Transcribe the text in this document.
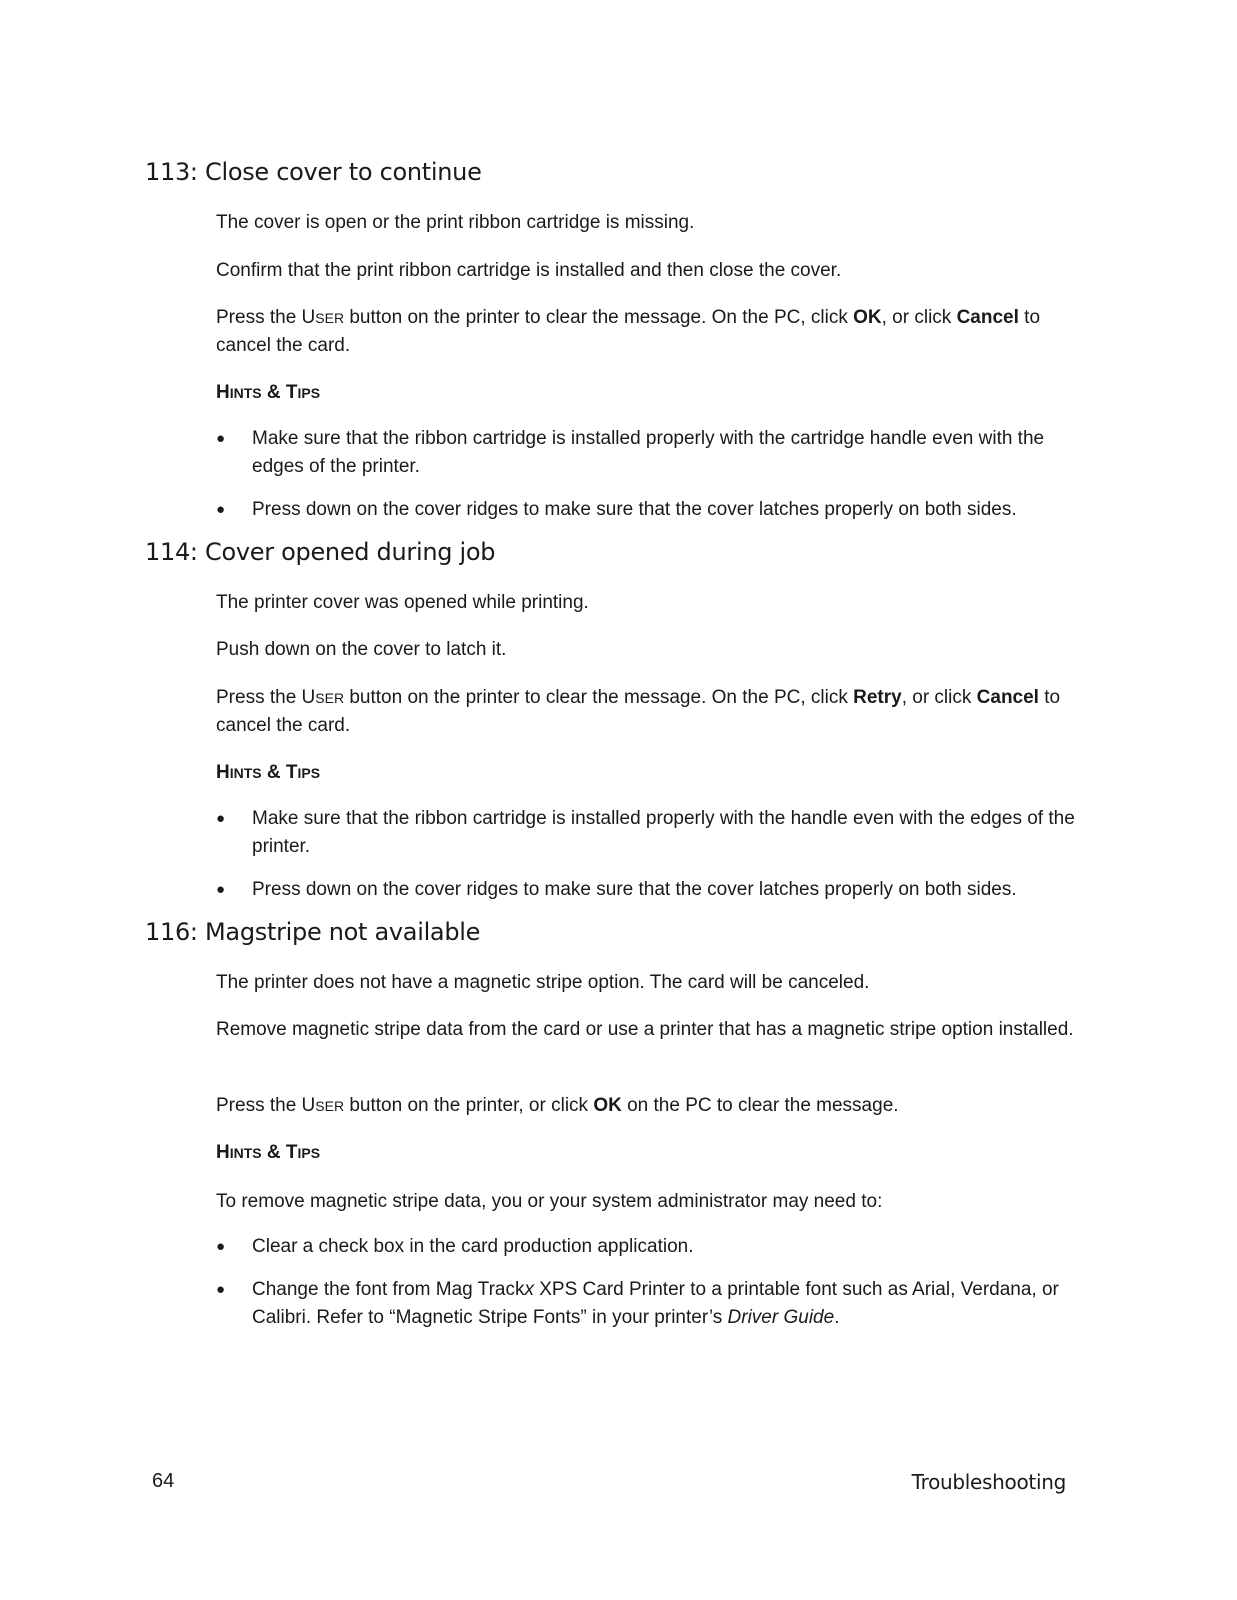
113: Close cover to continue

The cover is open or the print ribbon cartridge is missing.

Confirm that the print ribbon cartridge is installed and then close the cover.

Press the USER button on the printer to clear the message. On the PC, click OK, or click Cancel to cancel the card.

HINTS & TIPS

● Make sure that the ribbon cartridge is installed properly with the cartridge handle even with the edges of the printer.

● Press down on the cover ridges to make sure that the cover latches properly on both sides.

114: Cover opened during job

The printer cover was opened while printing.

Push down on the cover to latch it.

Press the USER button on the printer to clear the message. On the PC, click Retry, or click Cancel to cancel the card.

HINTS & TIPS

● Make sure that the ribbon cartridge is installed properly with the handle even with the edges of the printer.

● Press down on the cover ridges to make sure that the cover latches properly on both sides.

116: Magstripe not available

The printer does not have a magnetic stripe option. The card will be canceled.

Remove magnetic stripe data from the card or use a printer that has a magnetic stripe option installed.

Press the USER button on the printer, or click OK on the PC to clear the message.

HINTS & TIPS

To remove magnetic stripe data, you or your system administrator may need to:

● Clear a check box in the card production application.

● Change the font from Mag Trackx XPS Card Printer to a printable font such as Arial, Verdana, or Calibri. Refer to “Magnetic Stripe Fonts” in your printer’s Driver Guide.

64	Troubleshooting
